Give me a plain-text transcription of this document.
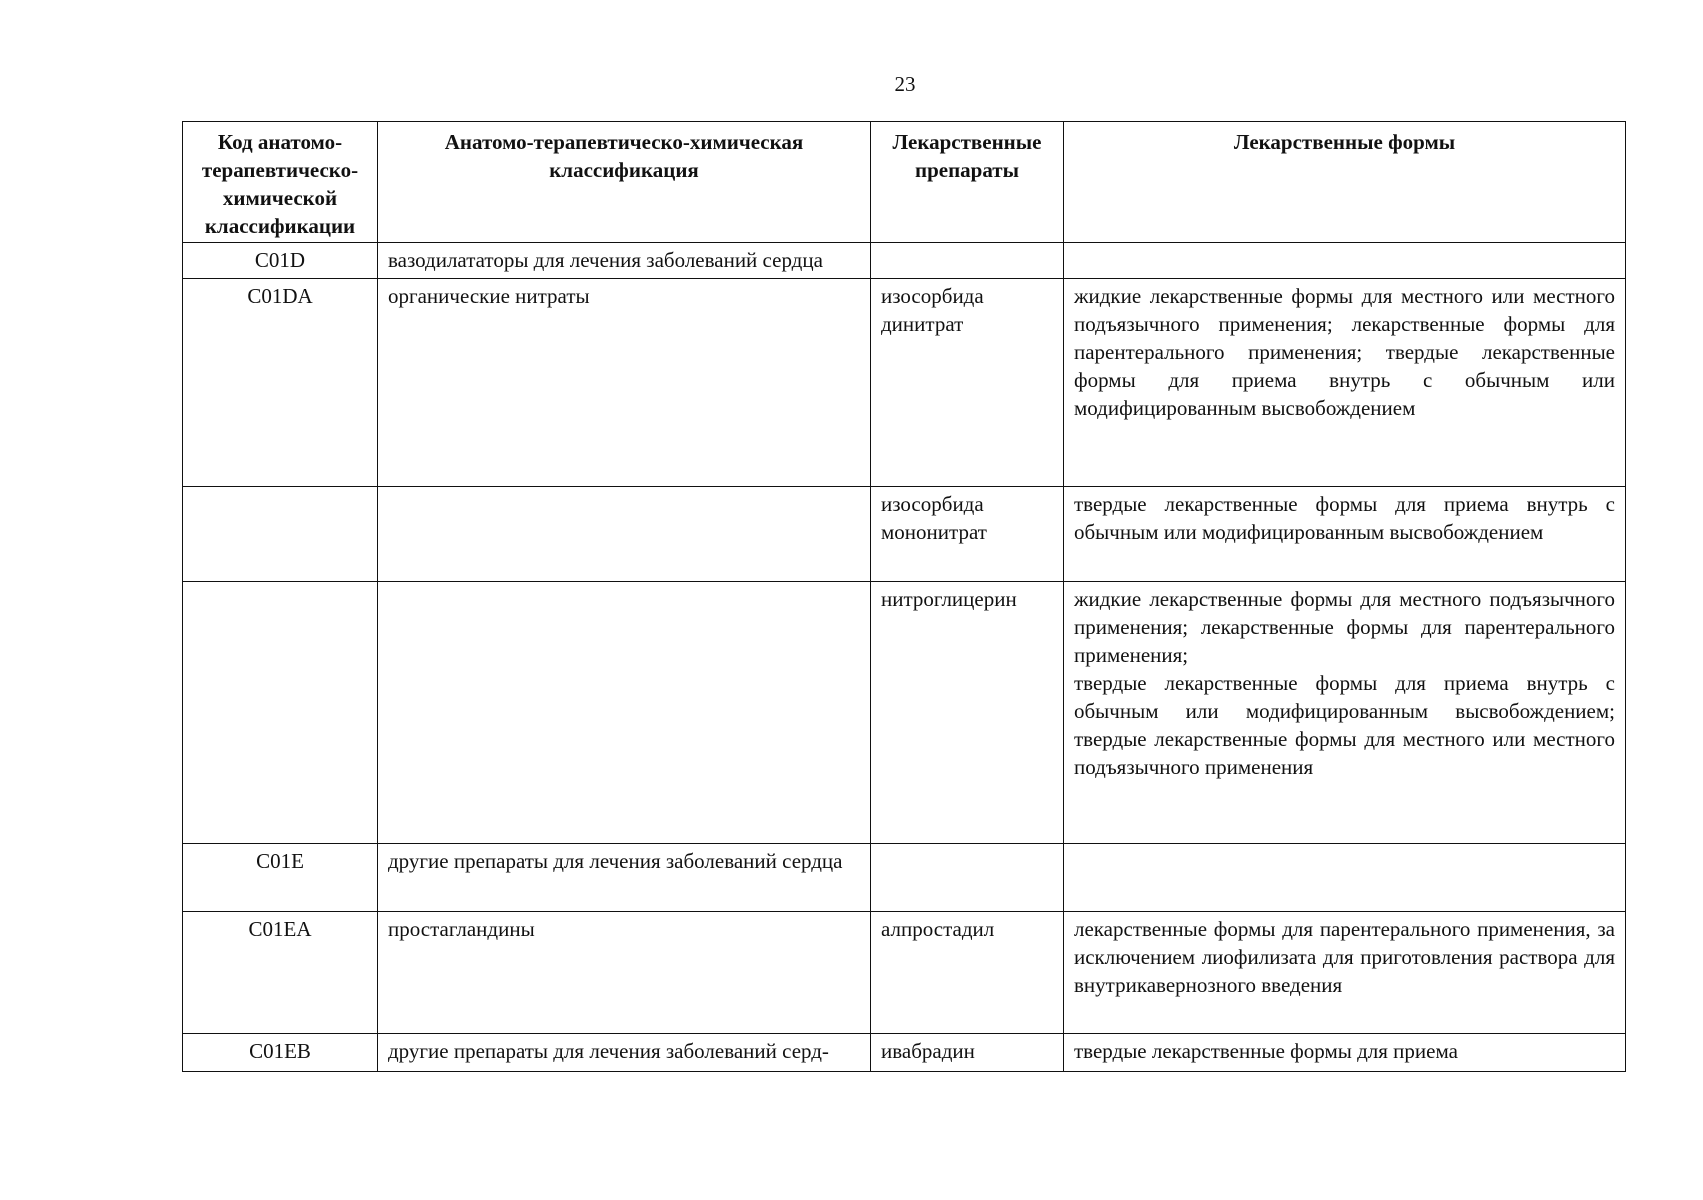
23
Код анатомо-терапевтическо-химической классификации	Анатомо-терапевтическо-химическая классификация	Лекарственные препараты	Лекарственные формы
C01D	вазодилататоры для лечения заболеваний сердца		
C01DA	органические нитраты	изосорбида динитрат	жидкие лекарственные формы для местного или местного подъязычного применения; лекарственные формы для парентерального применения; твердые лекарственные формы для приема внутрь с обычным или модифицированным высвобождением
		изосорбида мононитрат	твердые лекарственные формы для приема внутрь с обычным или модифицированным высвобождением
		нитроглицерин	жидкие лекарственные формы для местного подъязычного применения; лекарственные формы для парентерального применения;
твердые лекарственные формы для приема внутрь с обычным или модифицированным высвобождением; твердые лекарственные формы для местного или местного подъязычного применения
C01E	другие препараты для лечения заболеваний сердца		
C01EA	простагландины	алпростадил	лекарственные формы для парентерального применения, за исключением лиофилизата для приготовления раствора для внутрикавернозного введения
C01EB	другие препараты для лечения заболеваний серд-	ивабрадин	твердые лекарственные формы для приема
